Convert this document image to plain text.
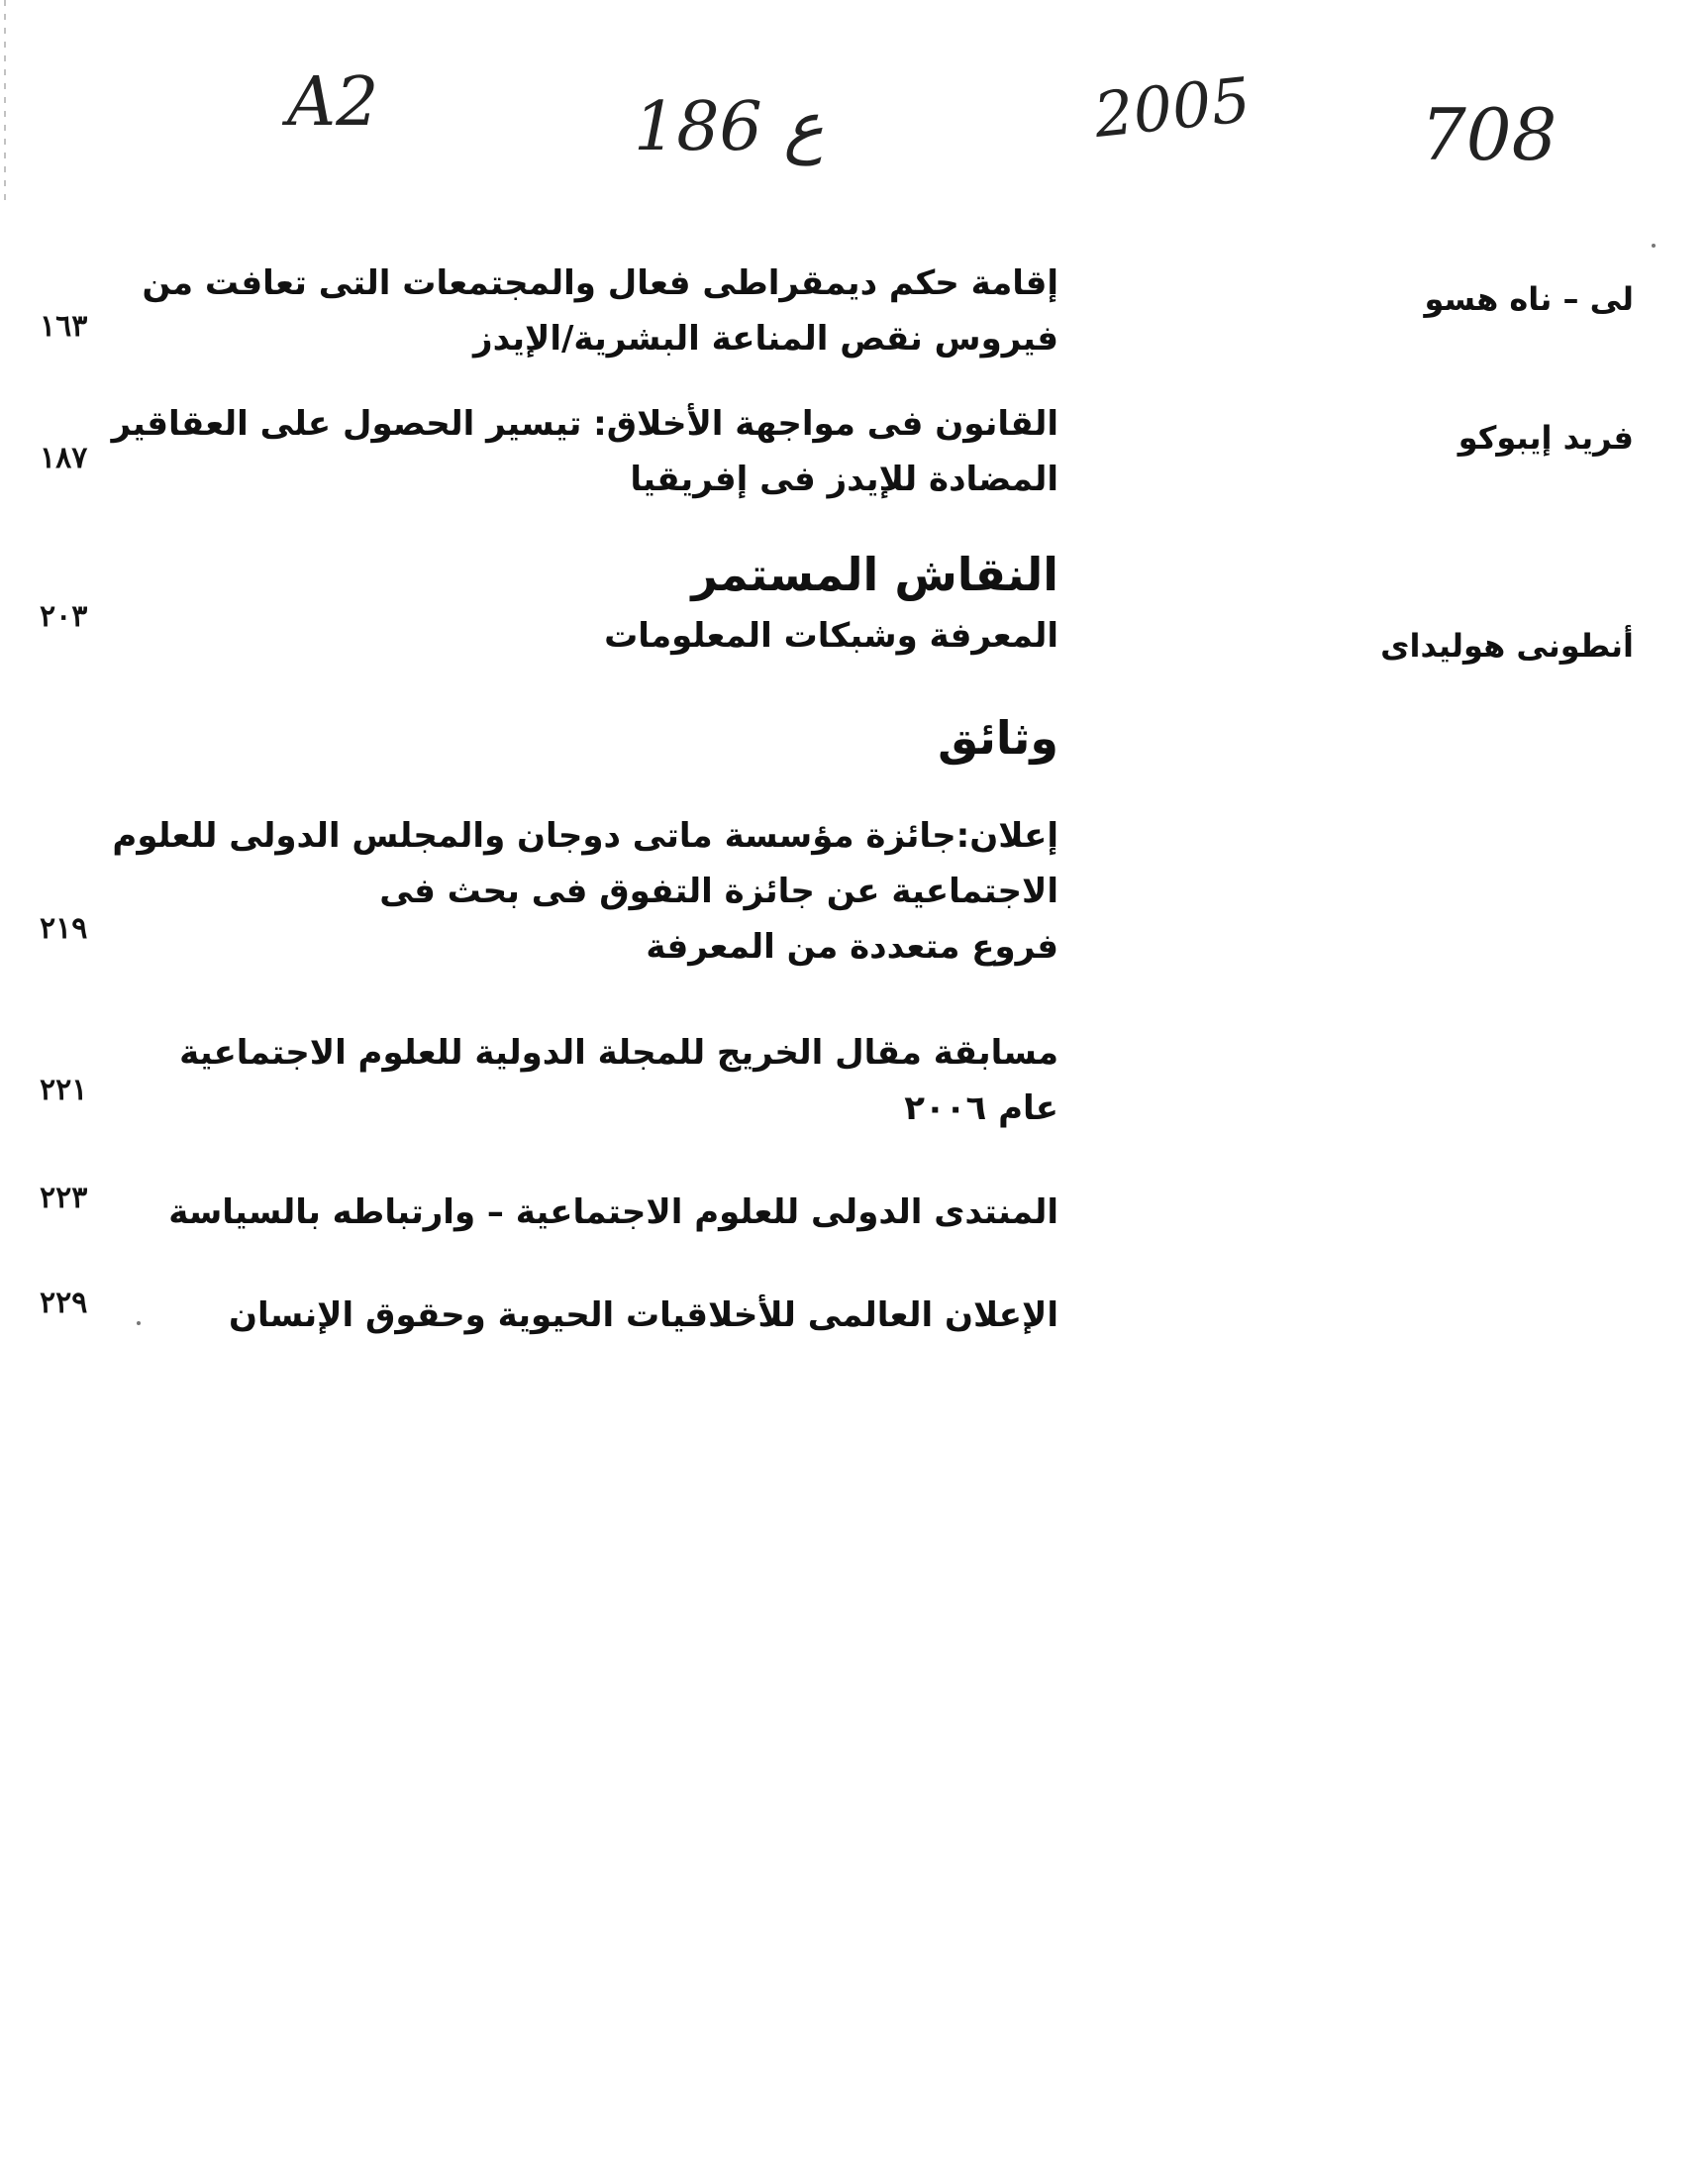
A2	186 ع	2005 708
لى – ناه هسو
إقامة حكم ديمقراطى فعال والمجتمعات التى تعافت من
فيروس نقص المناعة البشرية/الإيدز
١٦٣
فريد إيبوكو
القانون فى مواجهة الأخلاق: تيسير الحصول على العقاقير
المضادة للإيدز فى إفريقيا
١٨٧
النقاش المستمر
أنطونى هوليداى
المعرفة وشبكات المعلومات
٢٠٣
وثائق
إعلان:جائزة مؤسسة ماتى دوجان والمجلس الدولى للعلوم
الاجتماعية عن جائزة التفوق فى بحث فى
فروع متعددة من المعرفة
٢١٩
مسابقة مقال الخريج للمجلة الدولية للعلوم الاجتماعية
عام ٢٠٠٦
٢٢١
المنتدى الدولى للعلوم الاجتماعية – وارتباطه بالسياسة
٢٢٣
الإعلان العالمى للأخلاقيات الحيوية وحقوق الإنسان
٢٢٩
